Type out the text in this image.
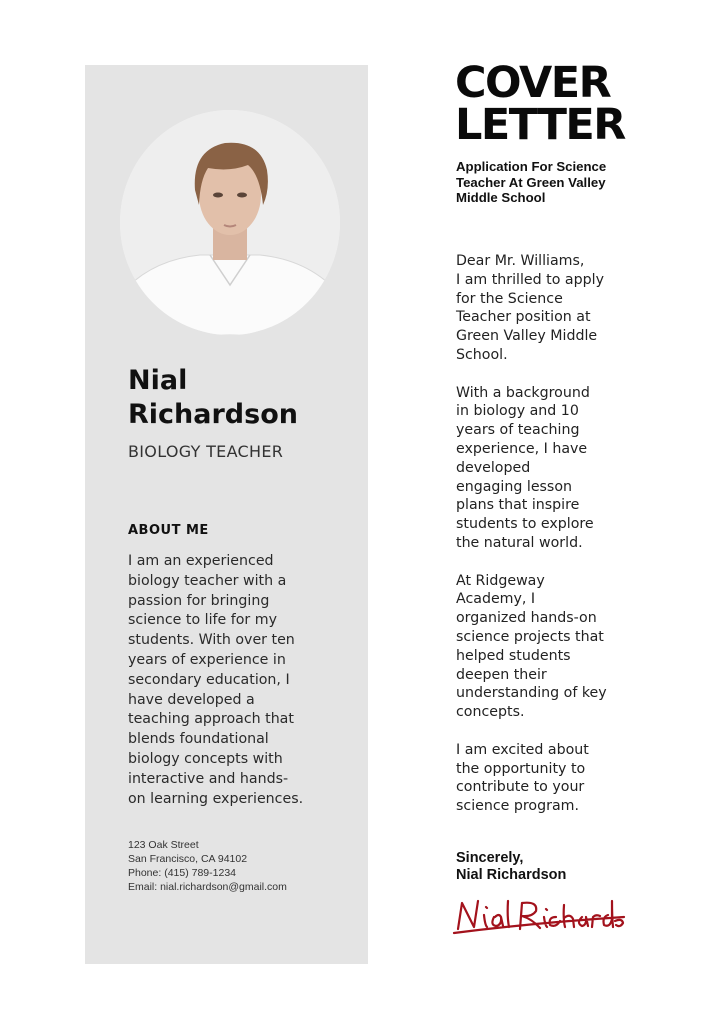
Nial
Richardson
BIOLOGY TEACHER
ABOUT ME
I am an experienced
biology teacher with a
passion for bringing
science to life for my
students. With over ten
years of experience in
secondary education, I
have developed a
teaching approach that
blends foundational
biology concepts with
interactive and hands-
on learning experiences.
123 Oak Street
San Francisco, CA 94102
Phone: (415) 789-1234
Email: nial.richardson@gmail.com
COVER
LETTER
Application For Science
Teacher At Green Valley
Middle School
Dear Mr. Williams,
I am thrilled to apply
for the Science
Teacher position at
Green Valley Middle
School.
With a background
in biology and 10
years of teaching
experience, I have
developed
engaging lesson
plans that inspire
students to explore
the natural world.
At Ridgeway
Academy, I
organized hands-on
science projects that
helped students
deepen their
understanding of key
concepts.
I am excited about
the opportunity to
contribute to your
science program.
Sincerely,
Nial Richardson
